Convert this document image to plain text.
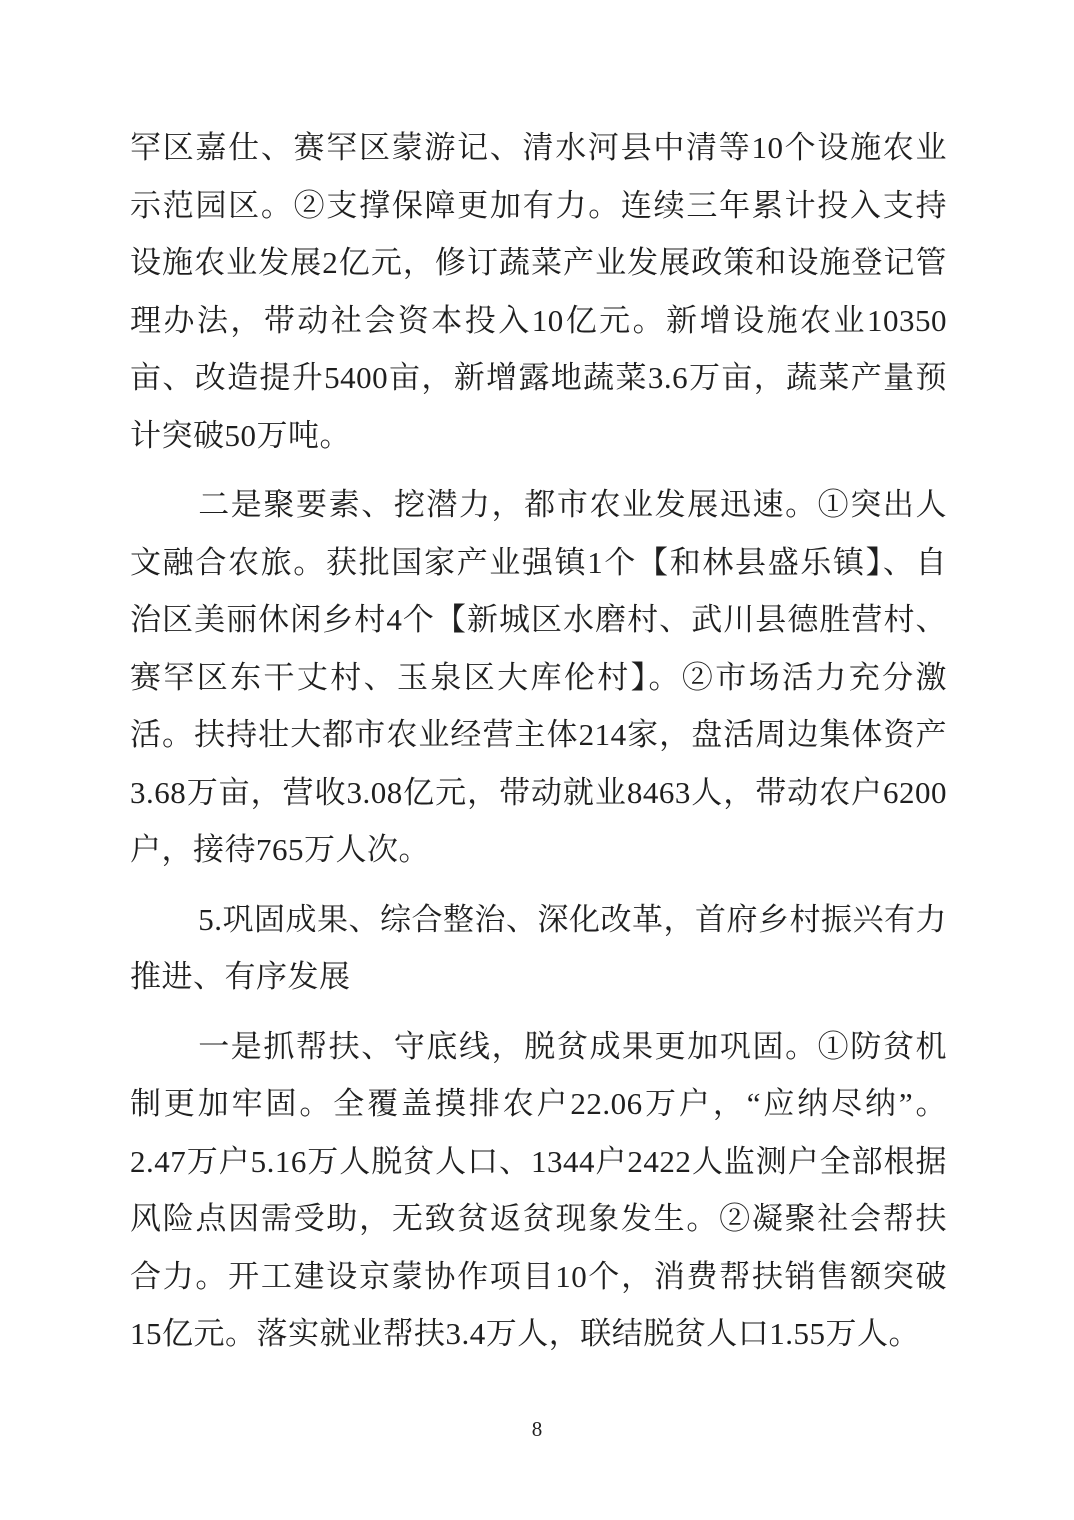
罕区嘉仕、赛罕区蒙游记、清水河县中清等10个设施农业示范园区。②支撑保障更加有力。连续三年累计投入支持设施农业发展2亿元，修订蔬菜产业发展政策和设施登记管理办法，带动社会资本投入10亿元。新增设施农业10350亩、改造提升5400亩，新增露地蔬菜3.6万亩，蔬菜产量预计突破50万吨。

二是聚要素、挖潜力，都市农业发展迅速。①突出人文融合农旅。获批国家产业强镇1个【和林县盛乐镇】、自治区美丽休闲乡村4个【新城区水磨村、武川县德胜营村、赛罕区东干丈村、玉泉区大库伦村】。②市场活力充分激活。扶持壮大都市农业经营主体214家，盘活周边集体资产3.68万亩，营收3.08亿元，带动就业8463人，带动农户6200户，接待765万人次。

5.巩固成果、综合整治、深化改革，首府乡村振兴有力推进、有序发展

一是抓帮扶、守底线，脱贫成果更加巩固。①防贫机制更加牢固。全覆盖摸排农户22.06万户，“应纳尽纳”。2.47万户5.16万人脱贫人口、1344户2422人监测户全部根据风险点因需受助，无致贫返贫现象发生。②凝聚社会帮扶合力。开工建设京蒙协作项目10个，消费帮扶销售额突破15亿元。落实就业帮扶3.4万人，联结脱贫人口1.55万人。

8
